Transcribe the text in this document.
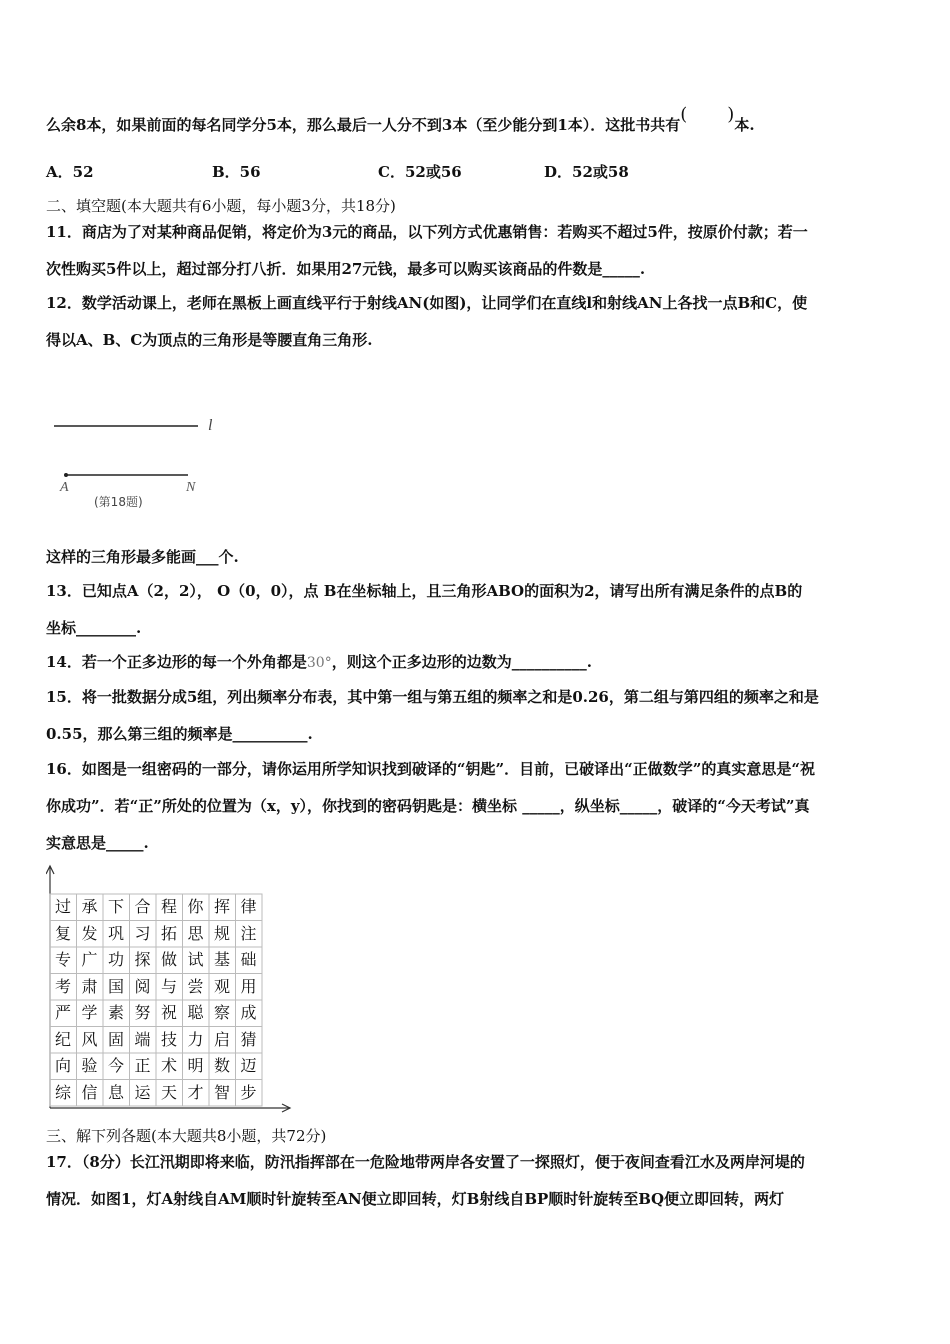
么余8本，如果前面的每名同学分5本，那么最后一人分不到3本（至少能分到1本）．这批书共有( )本.
A．52	B．56	C．52或56	D．52或58
二、填空题(本大题共有6小题，每小题3分，共18分)
11．商店为了对某种商品促销，将定价为3元的商品，以下列方式优惠销售：若购买不超过5件，按原价付款；若一
次性购买5件以上，超过部分打八折．如果用27元钱，最多可以购买该商品的件数是_____.
12．数学活动课上，老师在黑板上画直线平行于射线AN(如图)，让同学们在直线l和射线AN上各找一点B和C，使
得以A、B、C为顶点的三角形是等腰直角三角形.
l
A	N
(第18题)
这样的三角形最多能画___个.
13．已知点A（2，2）， O（0，0），点 B在坐标轴上，且三角形ABO的面积为2，请写出所有满足条件的点B的
坐标________.
14．若一个正多边形的每一个外角都是30°，则这个正多边形的边数为__________.
15．将一批数据分成5组，列出频率分布表，其中第一组与第五组的频率之和是0.26，第二组与第四组的频率之和是
0.55，那么第三组的频率是__________.
16．如图是一组密码的一部分，请你运用所学知识找到破译的“钥匙”．目前，已破译出“正做数学”的真实意思是“祝
你成功”．若“正”所处的位置为（x，y），你找到的密码钥匙是：横坐标 _____，纵坐标_____，破译的“今天考试”真
实意思是_____.
过 承 下 合 程 你 挥 律
复 发 巩 习 拓 思 规 注
专 广 功 探 做 试 基 础
考 肃 国 阅 与 尝 观 用
严 学 素 努 祝 聪 察 成
纪 风 固 端 技 力 启 猜
向 验 今 正 术 明 数 迈
综 信 息 运 天 才 智 步
三、解下列各题(本大题共8小题，共72分)
17．（8分）长江汛期即将来临，防汛指挥部在一危险地带两岸各安置了一探照灯，便于夜间查看江水及两岸河堤的
情况．如图1，灯A射线自AM顺时针旋转至AN便立即回转，灯B射线自BP顺时针旋转至BQ便立即回转，两灯
